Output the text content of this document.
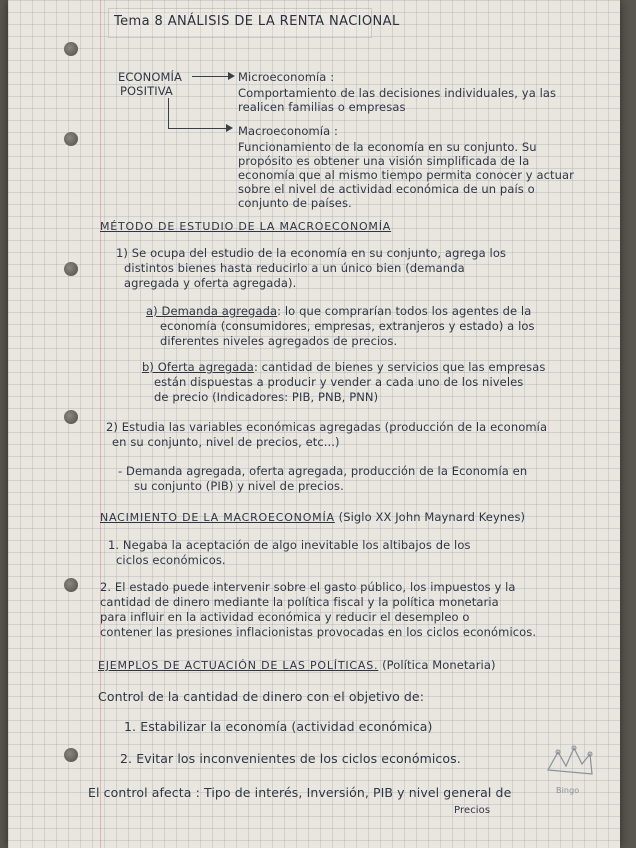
Tema 8 ANÁLISIS DE LA RENTA NACIONAL

ECONOMÍA

POSITIVA

Microeconomía :

Comportamiento de las decisiones individuales, ya las

realicen familias o empresas

Macroeconomía :

Funcionamiento de la economía en su conjunto. Su

propósito es obtener una visión simplificada de la

economía que al mismo tiempo permita conocer y actuar

sobre el nivel de actividad económica de un país o

conjunto de países.

MÉTODO DE ESTUDIO DE LA MACROECONOMÍA

1) Se ocupa del estudio de la economía en su conjunto, agrega los

distintos bienes hasta reducirlo a un único bien (demanda

agregada y oferta agregada).

a) Demanda agregada: lo que comprarían todos los agentes de la

economía (consumidores, empresas, extranjeros y estado) a los

diferentes niveles agregados de precios.

b) Oferta agregada: cantidad de bienes y servicios que las empresas

están dispuestas a producir y vender a cada uno de los niveles

de precio (Indicadores: PIB, PNB, PNN)

2) Estudia las variables económicas agregadas (producción de la economía

en su conjunto, nivel de precios, etc...)

- Demanda agregada, oferta agregada, producción de la Economía en

su conjunto (PIB) y nivel de precios.

NACIMIENTO DE LA MACROECONOMÍA (Siglo XX John Maynard Keynes)

1. Negaba la aceptación de algo inevitable los altibajos de los

ciclos económicos.

2. El estado puede intervenir sobre el gasto público, los impuestos y la

cantidad de dinero mediante la política fiscal y la política monetaria

para influir en la actividad económica y reducir el desempleo o

contener las presiones inflacionistas provocadas en los ciclos económicos.

EJEMPLOS DE ACTUACIÓN DE LAS POLÍTICAS. (Política Monetaria)

Control de la cantidad de dinero con el objetivo de:

1. Estabilizar la economía (actividad económica)

2. Evitar los inconvenientes de los ciclos económicos.

El control afecta : Tipo de interés, Inversión, PIB y nivel general de

Precios

Bingo
